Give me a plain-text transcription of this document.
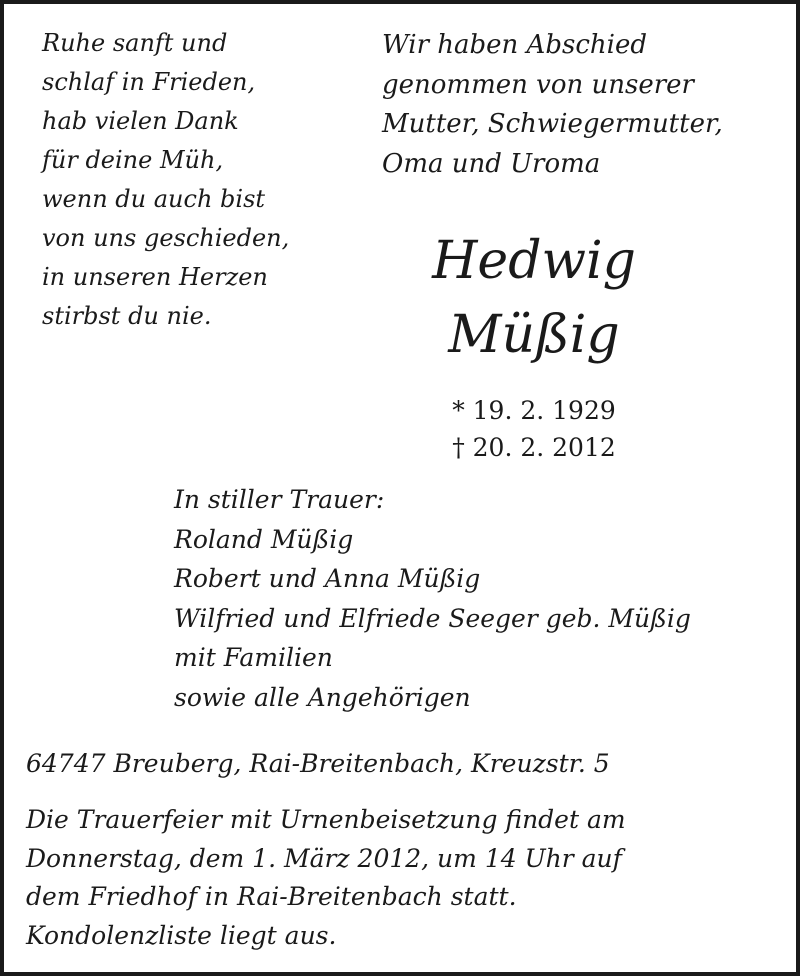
Ruhe sanft und
schlaf in Frieden,
hab vielen Dank
für deine Müh,
wenn du auch bist
von uns geschieden,
in unseren Herzen
stirbst du nie.
Wir haben Abschied
genommen von unserer
Mutter, Schwiegermutter,
Oma und Uroma
Hedwig
Müßig
* 19. 2. 1929
† 20. 2. 2012
In stiller Trauer:
Roland Müßig
Robert und Anna Müßig
Wilfried und Elfriede Seeger geb. Müßig
mit Familien
sowie alle Angehörigen
64747 Breuberg, Rai-Breitenbach, Kreuzstr. 5
Die Trauerfeier mit Urnenbeisetzung findet am
Donnerstag, dem 1. März 2012, um 14 Uhr auf
dem Friedhof in Rai-Breitenbach statt.
Kondolenzliste liegt aus.
